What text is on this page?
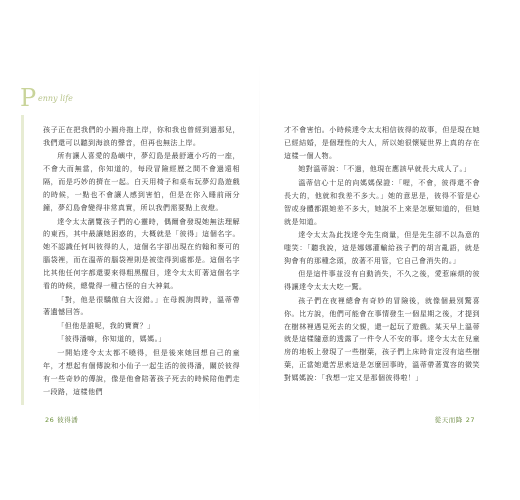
P enny life

孩子正在把我們的小圓舟拖上岸，你和我也曾經到過那兒，我們還可以聽到海浪的聲音，但再也無法上岸。

所有讓人喜愛的島嶼中，夢幻島是最舒適小巧的一座，不會大而無當，你知道的，每段冒險經歷之間不會過遠相隔，而是巧妙的擠在一起。白天用椅子和桌布玩夢幻島遊戲的時候，一點也不會讓人感到害怕，但是在你入睡前兩分鐘，夢幻島會變得非常真實，所以我們需要點上夜燈。

達令太太瀏覽孩子們的心靈時，偶爾會發現她無法理解的東西，其中最讓她困惑的，大概就是「彼得」這個名字。她不認識任何叫彼得的人，這個名字卻出現在約翰和麥可的腦袋裡，而在溫蒂的腦袋裡則是被塗得到處都是。這個名字比其他任何字都還要來得粗黑醒目，達令太太盯著這個名字看的時候，總覺得一種古怪的自大神氣。

「對，他是很驕傲自大沒錯。」在母親詢問時，溫蒂帶著遺憾回答。

「但他是誰呢，我的寶寶？」

「彼得潘嘛，你知道的，媽媽。」

一開始達令太太都不曉得，但是後來她回想自己的童年，才想起有個傳說和小仙子一起生活的彼得潘，關於彼得有一些奇妙的傳說，像是他會陪著孩子死去的時候陪他們走一段路，這樣他們

才不會害怕。小時候達令太太相信彼得的故事，但是現在她已經結婚，是個理性的大人，所以她很懷疑世界上真的存在這樣一個人物。

她對溫蒂說：「不過，他現在應該早就長大成人了。」

溫蒂信心十足的向媽媽保證：「喔，不會，彼得還不會長大的，他就和我差不多大。」她的意思是，彼得不管是心智或身體都跟她差不多大，她說不上來是怎麼知道的，但她就是知道。

達令太太為此找達令先生商量，但是先生卻不以為意的嗤笑：「聽我說，這是娜娜灌輸給孩子們的胡言亂語，就是狗會有的那種念頭，放著不用管，它自己會消失的。」

但是這件事並沒有自動消失，不久之後，愛惹麻煩的彼得讓達令太太大吃一驚。

孩子們在夜裡總會有奇妙的冒險後，就像個最別驚喜你。比方說，他們可能會在事情發生一個星期之後，才提到在樹林裡遇見死去的父親，還一起玩了遊戲。某天早上溫蒂就是這樣隨意的透露了一件令人不安的事。達令太太在兒童房的地板上發現了一些樹葉，孩子們上床時肯定沒有這些樹葉，正當她還苦思索這是怎麼回事時，溫蒂帶著寬容的微笑對媽媽說：「我想一定又是那個彼得啦！」

26 彼得潘	從天而降 27
